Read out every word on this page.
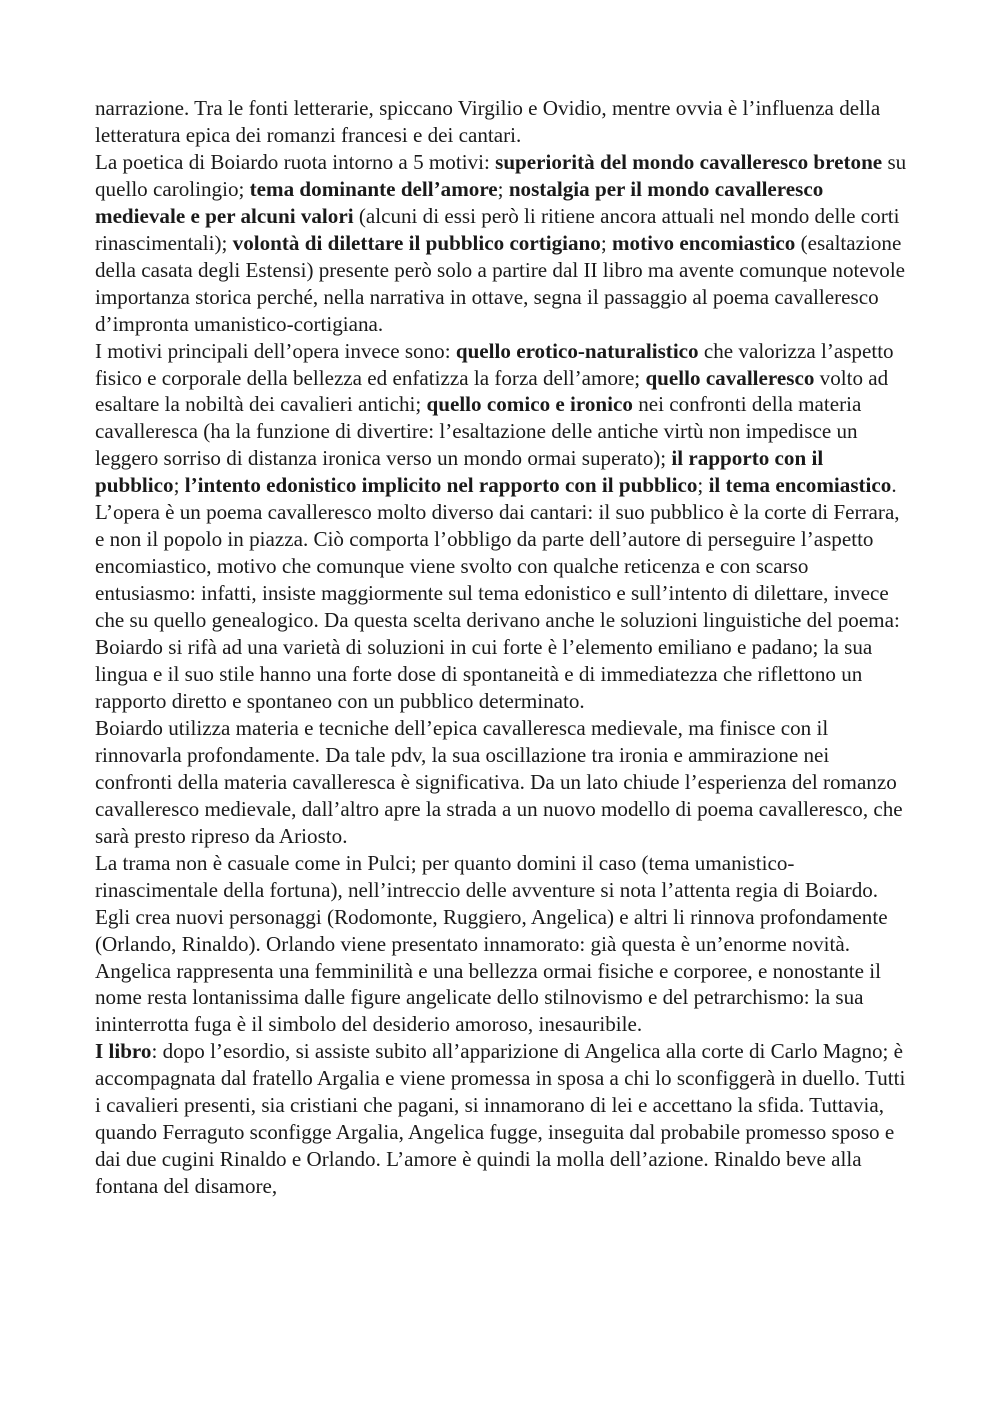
narrazione. Tra le fonti letterarie, spiccano Virgilio e Ovidio, mentre ovvia è l’influenza della letteratura epica dei romanzi francesi e dei cantari.

La poetica di Boiardo ruota intorno a 5 motivi: superiorità del mondo cavalleresco bretone su quello carolingio; tema dominante dell’amore; nostalgia per il mondo cavalleresco medievale e per alcuni valori (alcuni di essi però li ritiene ancora attuali nel mondo delle corti rinascimentali); volontà di dilettare il pubblico cortigiano; motivo encomiastico (esaltazione della casata degli Estensi) presente però solo a partire dal II libro ma avente comunque notevole importanza storica perché, nella narrativa in ottave, segna il passaggio al poema cavalleresco d’impronta umanistico-cortigiana.

I motivi principali dell’opera invece sono: quello erotico-naturalistico che valorizza l’aspetto fisico e corporale della bellezza ed enfatizza la forza dell’amore; quello cavalleresco volto ad esaltare la nobiltà dei cavalieri antichi; quello comico e ironico nei confronti della materia cavalleresca (ha la funzione di divertire: l’esaltazione delle antiche virtù non impedisce un leggero sorriso di distanza ironica verso un mondo ormai superato); il rapporto con il pubblico; l’intento edonistico implicito nel rapporto con il pubblico; il tema encomiastico. L’opera è un poema cavalleresco molto diverso dai cantari: il suo pubblico è la corte di Ferrara, e non il popolo in piazza. Ciò comporta l’obbligo da parte dell’autore di perseguire l’aspetto encomiastico, motivo che comunque viene svolto con qualche reticenza e con scarso entusiasmo: infatti, insiste maggiormente sul tema edonistico e sull’intento di dilettare, invece che su quello genealogico. Da questa scelta derivano anche le soluzioni linguistiche del poema: Boiardo si rifà ad una varietà di soluzioni in cui forte è l’elemento emiliano e padano; la sua lingua e il suo stile hanno una forte dose di spontaneità e di immediatezza che riflettono un rapporto diretto e spontaneo con un pubblico determinato.

Boiardo utilizza materia e tecniche dell’epica cavalleresca medievale, ma finisce con il rinnovarla profondamente. Da tale pdv, la sua oscillazione tra ironia e ammirazione nei confronti della materia cavalleresca è significativa. Da un lato chiude l’esperienza del romanzo cavalleresco medievale, dall’altro apre la strada a un nuovo modello di poema cavalleresco, che sarà presto ripreso da Ariosto.

La trama non è casuale come in Pulci; per quanto domini il caso (tema umanistico-rinascimentale della fortuna), nell’intreccio delle avventure si nota l’attenta regia di Boiardo. Egli crea nuovi personaggi (Rodomonte, Ruggiero, Angelica) e altri li rinnova profondamente (Orlando, Rinaldo). Orlando viene presentato innamorato: già questa è un’enorme novità. Angelica rappresenta una femminilità e una bellezza ormai fisiche e corporee, e nonostante il nome resta lontanissima dalle figure angelicate dello stilnovismo e del petrarchismo: la sua ininterrotta fuga è il simbolo del desiderio amoroso, inesauribile.

I libro: dopo l’esordio, si assiste subito all’apparizione di Angelica alla corte di Carlo Magno; è accompagnata dal fratello Argalia e viene promessa in sposa a chi lo sconfiggerà in duello. Tutti i cavalieri presenti, sia cristiani che pagani, si innamorano di lei e accettano la sfida. Tuttavia, quando Ferraguto sconfigge Argalia, Angelica fugge, inseguita dal probabile promesso sposo e dai due cugini Rinaldo e Orlando. L’amore è quindi la molla dell’azione. Rinaldo beve alla fontana del disamore,
